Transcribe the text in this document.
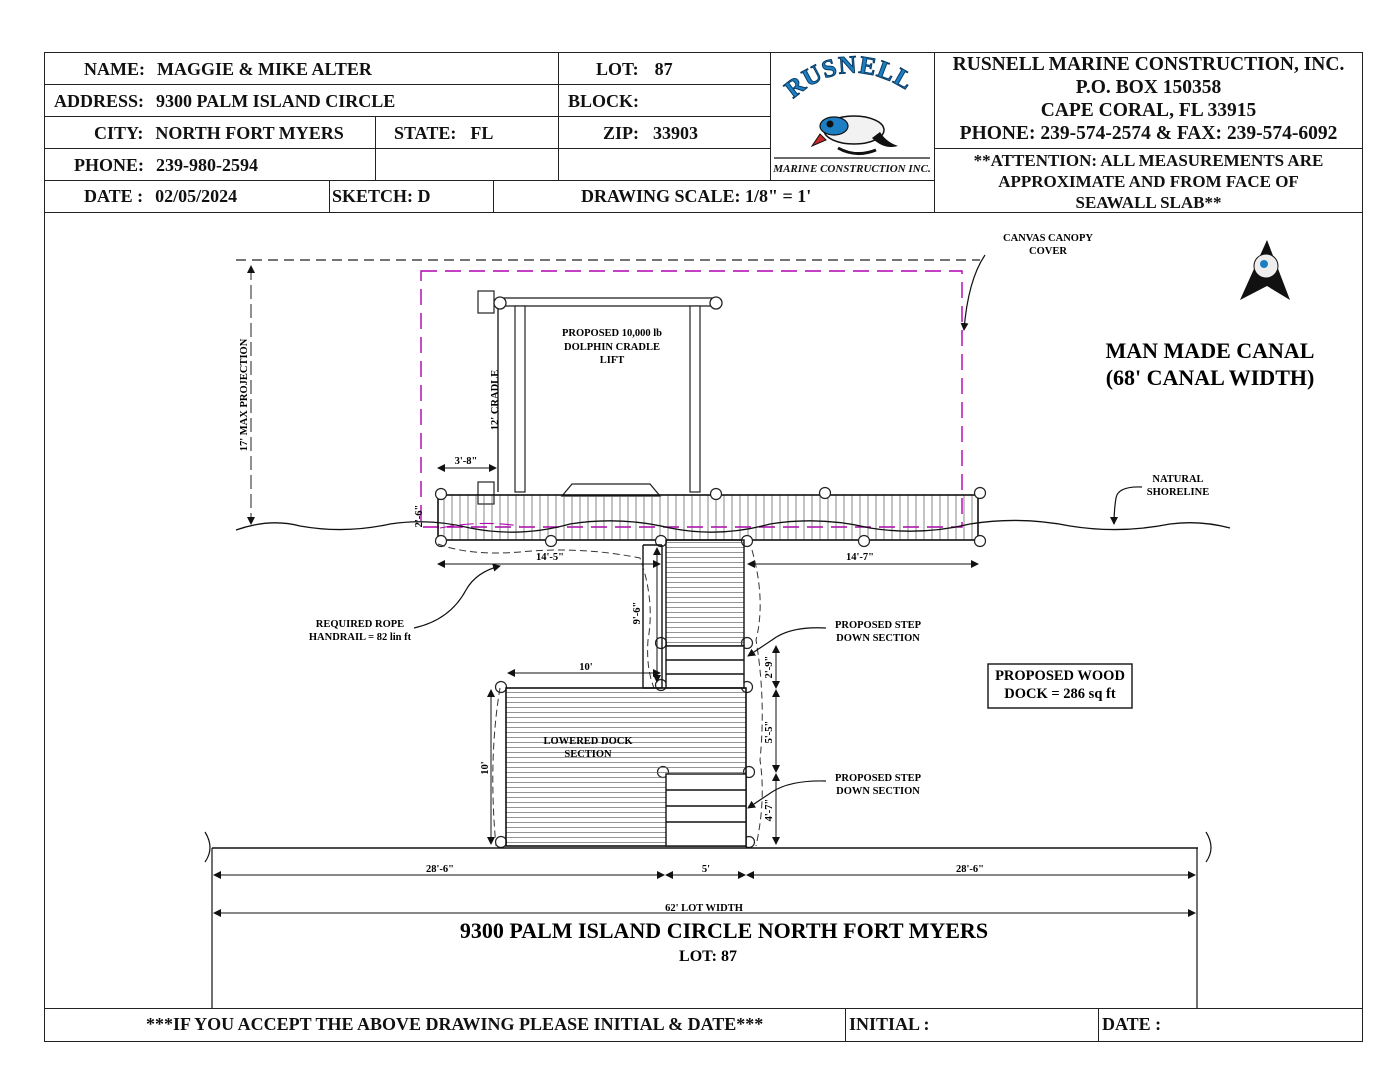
NAME: MAGGIE & MIKE ALTER
ADDRESS: 9300 PALM ISLAND CIRCLE
CITY: NORTH FORT MYERS	STATE: FL
PHONE: 239-980-2594
DATE : 02/05/2024	SKETCH: D
LOT: 87
BLOCK:
ZIP: 33903
DRAWING SCALE: 1/8" = 1'
RUSNELL
MARINE CONSTRUCTION INC.
RUSNELL MARINE CONSTRUCTION, INC.
P.O. BOX 150358
CAPE CORAL, FL 33915
PHONE: 239-574-2574 & FAX: 239-574-6092
**ATTENTION: ALL MEASUREMENTS ARE
APPROXIMATE AND FROM FACE OF
SEAWALL SLAB**
17' MAX PROJECTION
CANVAS CANOPY
COVER
PROPOSED 10,000 lb
DOLPHIN CRADLE
LIFT
12' CRADLE
3'-8"
2'-6"
MAN MADE CANAL
(68' CANAL WIDTH)
NATURAL
SHORELINE
14'-5"	14'-7"
9'-6"
REQUIRED ROPE
HANDRAIL = 82 lin ft
PROPOSED STEP
DOWN SECTION
LOWERED DOCK
SECTION
10'
10'
PROPOSED STEP
DOWN SECTION
2'-9"
5'-5"
4'-7"
PROPOSED WOOD
DOCK = 286 sq ft
28'-6"	5'	28'-6"
62' LOT WIDTH
9300 PALM ISLAND CIRCLE NORTH FORT MYERS
LOT: 87
***IF YOU ACCEPT THE ABOVE DRAWING PLEASE INITIAL & DATE***	INITIAL :	DATE :
